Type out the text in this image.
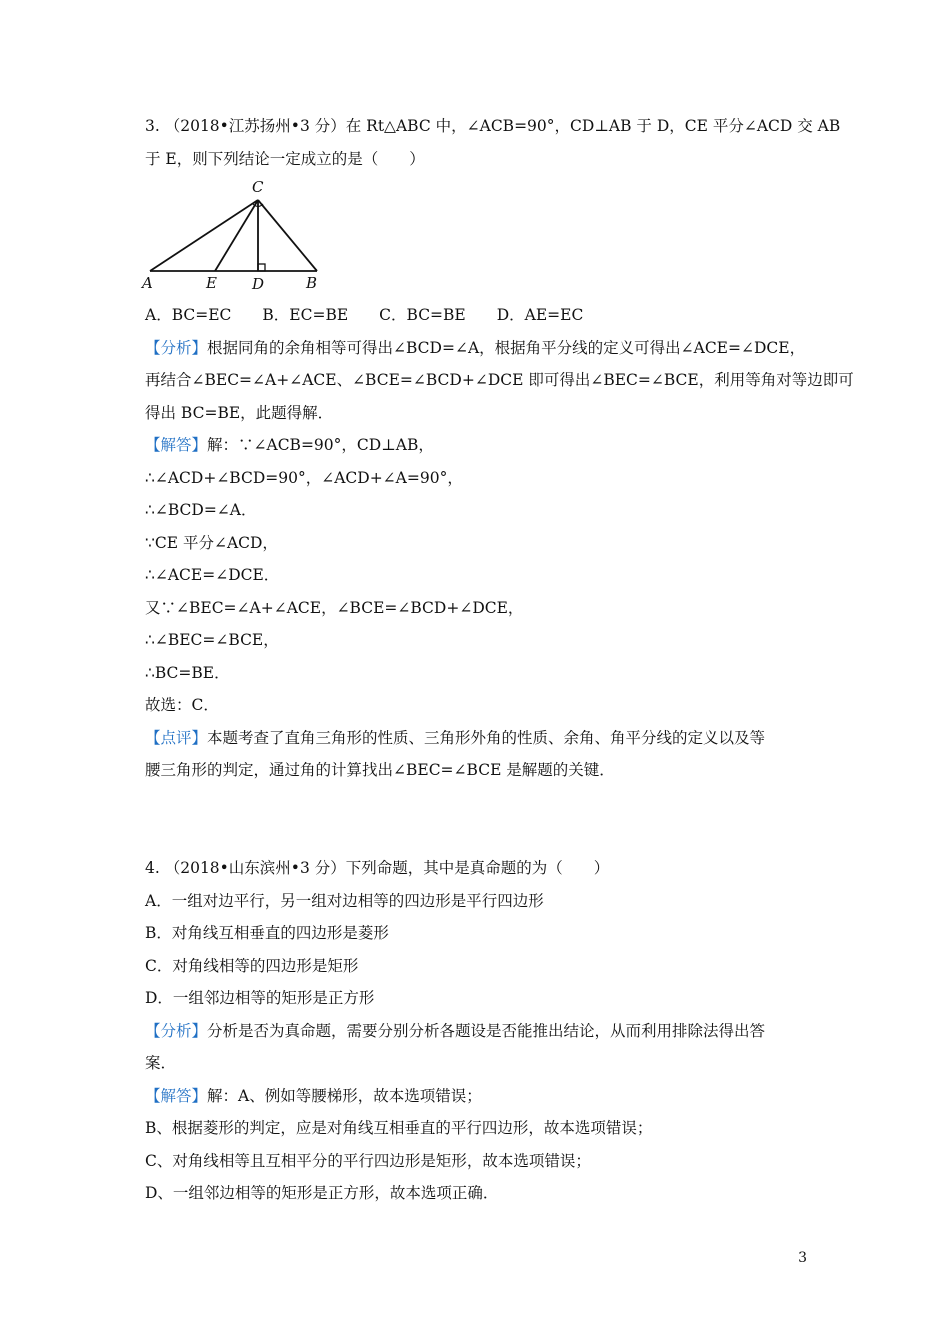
3. （2018•江苏扬州•3 分）在 Rt△ABC 中，∠ACB=90°，CD⊥AB 于 D，CE 平分∠ACD 交 AB
于 E，则下列结论一定成立的是（　　）
C
A	E D	B
A．BC=EC　　B．EC=BE　　C．BC=BE　　D．AE=EC
【分析】根据同角的余角相等可得出∠BCD=∠A，根据角平分线的定义可得出∠ACE=∠DCE，
再结合∠BEC=∠A+∠ACE、∠BCE=∠BCD+∠DCE 即可得出∠BEC=∠BCE，利用等角对等边即可
得出 BC=BE，此题得解．
【解答】解：∵∠ACB=90°，CD⊥AB，
∴∠ACD+∠BCD=90°，∠ACD+∠A=90°，
∴∠BCD=∠A．
∵CE 平分∠ACD，
∴∠ACE=∠DCE．
又∵∠BEC=∠A+∠ACE，∠BCE=∠BCD+∠DCE，
∴∠BEC=∠BCE，
∴BC=BE．
故选：C．
【点评】本题考查了直角三角形的性质、三角形外角的性质、余角、角平分线的定义以及等
腰三角形的判定，通过角的计算找出∠BEC=∠BCE 是解题的关键．
4. （2018•山东滨州•3 分）下列命题，其中是真命题的为（　　）
A．一组对边平行，另一组对边相等的四边形是平行四边形
B．对角线互相垂直的四边形是菱形
C．对角线相等的四边形是矩形
D．一组邻边相等的矩形是正方形
【分析】分析是否为真命题，需要分别分析各题设是否能推出结论，从而利用排除法得出答
案．
【解答】解：A、例如等腰梯形，故本选项错误；
B、根据菱形的判定，应是对角线互相垂直的平行四边形，故本选项错误；
C、对角线相等且互相平分的平行四边形是矩形，故本选项错误；
D、一组邻边相等的矩形是正方形，故本选项正确．
3
